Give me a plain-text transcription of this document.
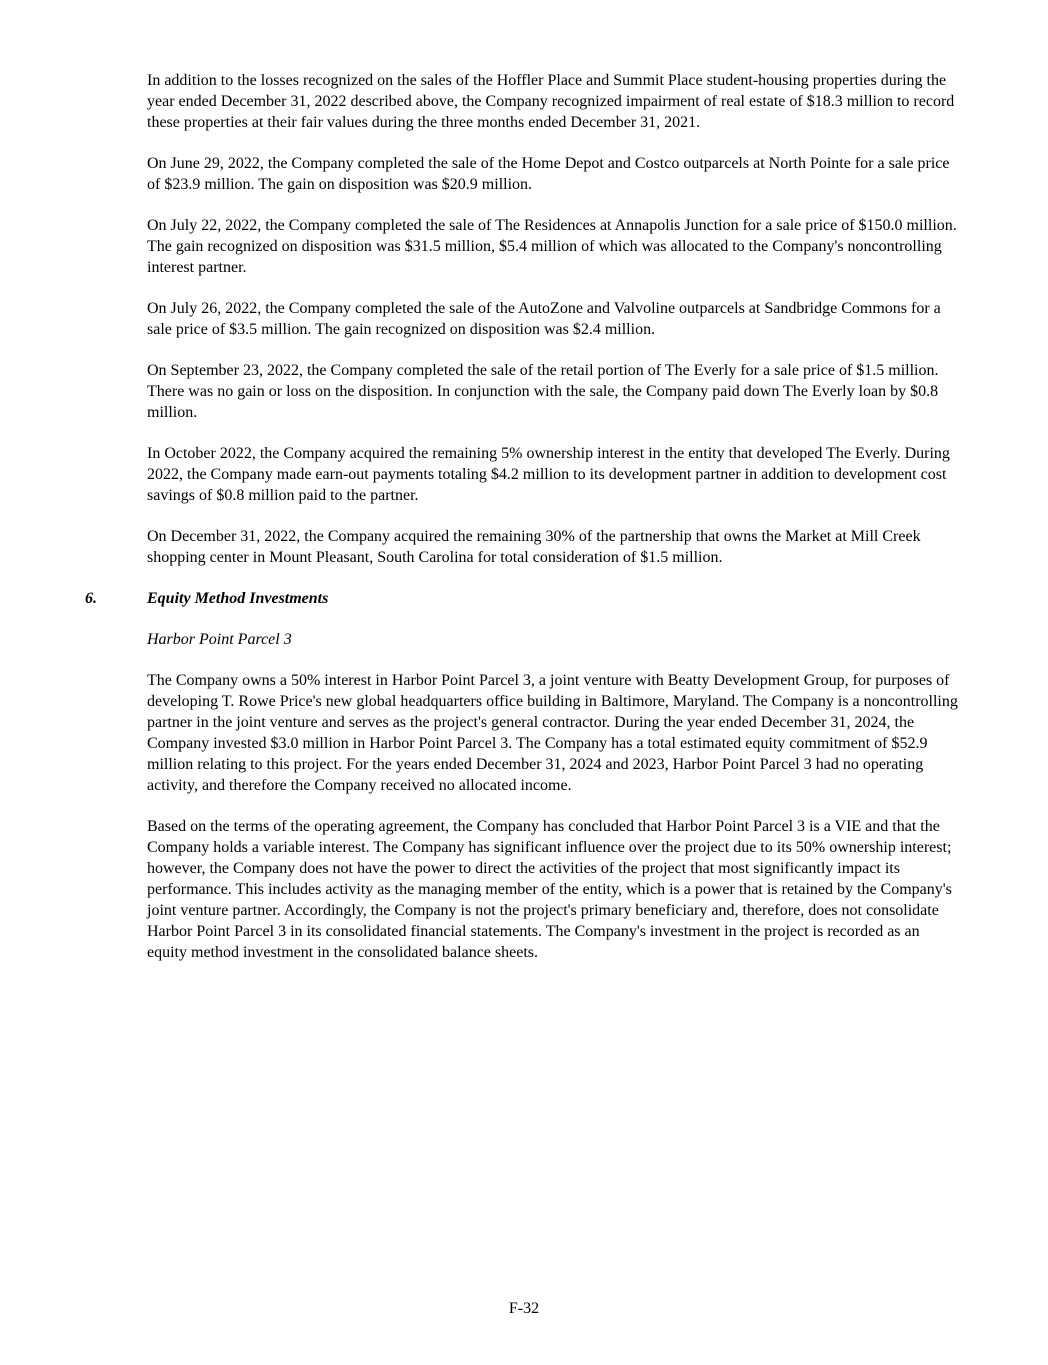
In addition to the losses recognized on the sales of the Hoffler Place and Summit Place student-housing properties during the year ended December 31, 2022 described above, the Company recognized impairment of real estate of $18.3 million to record these properties at their fair values during the three months ended December 31, 2021.

On June 29, 2022, the Company completed the sale of the Home Depot and Costco outparcels at North Pointe for a sale price of $23.9 million. The gain on disposition was $20.9 million.

On July 22, 2022, the Company completed the sale of The Residences at Annapolis Junction for a sale price of $150.0 million. The gain recognized on disposition was $31.5 million, $5.4 million of which was allocated to the Company's noncontrolling interest partner.

On July 26, 2022, the Company completed the sale of the AutoZone and Valvoline outparcels at Sandbridge Commons for a sale price of $3.5 million. The gain recognized on disposition was $2.4 million.

On September 23, 2022, the Company completed the sale of the retail portion of The Everly for a sale price of $1.5 million. There was no gain or loss on the disposition. In conjunction with the sale, the Company paid down The Everly loan by $0.8 million.

In October 2022, the Company acquired the remaining 5% ownership interest in the entity that developed The Everly. During 2022, the Company made earn-out payments totaling $4.2 million to its development partner in addition to development cost savings of $0.8 million paid to the partner.

On December 31, 2022, the Company acquired the remaining 30% of the partnership that owns the Market at Mill Creek shopping center in Mount Pleasant, South Carolina for total consideration of $1.5 million.

6.	Equity Method Investments
Harbor Point Parcel 3

The Company owns a 50% interest in Harbor Point Parcel 3, a joint venture with Beatty Development Group, for purposes of developing T. Rowe Price's new global headquarters office building in Baltimore, Maryland. The Company is a noncontrolling partner in the joint venture and serves as the project's general contractor. During the year ended December 31, 2024, the Company invested $3.0 million in Harbor Point Parcel 3. The Company has a total estimated equity commitment of $52.9 million relating to this project. For the years ended December 31, 2024 and 2023, Harbor Point Parcel 3 had no operating activity, and therefore the Company received no allocated income.

Based on the terms of the operating agreement, the Company has concluded that Harbor Point Parcel 3 is a VIE and that the Company holds a variable interest. The Company has significant influence over the project due to its 50% ownership interest; however, the Company does not have the power to direct the activities of the project that most significantly impact its performance. This includes activity as the managing member of the entity, which is a power that is retained by the Company's joint venture partner. Accordingly, the Company is not the project's primary beneficiary and, therefore, does not consolidate Harbor Point Parcel 3 in its consolidated financial statements. The Company's investment in the project is recorded as an equity method investment in the consolidated balance sheets.

F-32
